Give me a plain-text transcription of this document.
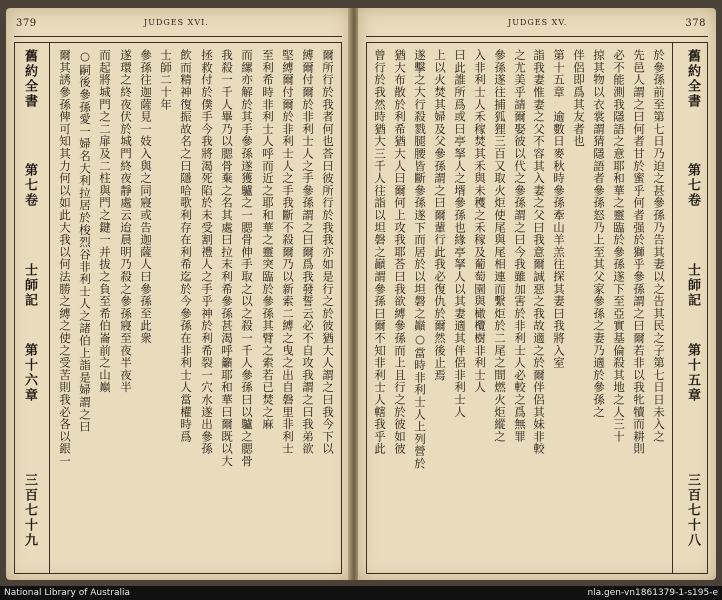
379	JUDGES XVI.
舊約全書
第七卷
士師記
第十六章
三百七十九
爾所行於我者何也荅曰彼所行於我我亦如是行之於彼猶大人謂之曰我今下以
縛爾付爾於非利士人之手參孫謂之曰爾爲我發誓云必不自攻我謂之曰我弟欲
堅縛爾付爾於非利士人之手我斷不殺爾乃以新索二縛之曳之出自磐里非利士
至利希時非利士人呼而近之耶和華之靈突臨於參孫其臂之索若已焚之麻
而縲亦解於其手參孫遂獲驢之一腮骨伸手取之以之殺一千人參孫曰以驢之腮骨
我殺一千人畢乃以腮骨棄之名其處曰拉末利希參孫甚渴呼籲耶和華曰爾既以大
拯救付於僕手今我將渴死陷於未受割禮人之手乎神於利希裂一穴水遂出參孫
飲而精神復振故名之曰隱哈歌利存在利希迄於今參孫在非利士人當權時爲
士師二十年
參孫往迦薩見一妓入與之同寢或告迦薩人曰參孫至此衆
遂環之終夜伏於城門終夜靜處云迨晨明乃殺之參孫寢至夜半夜半
而起將城門之二扉及二柱與門之鍵一并拔之負至希伯崙前之山巔
○嗣後參孫愛一婦名大利拉居於梭烈谷非利士人之諸伯上詣是婦謂之曰
爾其誘參孫俾可知其力何以如此大我以何法勝之縛之使之受苦則我必各以銀一
JUDGES XV.	378
舊約全書
第七卷
士師記
第十五章
三百七十八
於參孫前至第七日乃迫之甚參孫乃告其妻以之告其民之子第七日日未入之
先邑人謂之曰何者甘於蜜乎何者强於獅乎參孫謂之曰爾若非以我牝犢而耕則
必不能測我隱語之意耶和華之靈臨於參孫遂下至亞實基倫殺其地之人三十
掠其物以衣裳謂猜隱語者參孫怒乃上至其父家參孫之妻乃適於參孫之
伴侶即爲其友者也
第十五章　逾數日麥秋時參孫牽山羊羔往探其妻曰我將入室
詣我妻惟妻之父不容其入妻之父曰我意爾誠惡之我故適之於爾伴侶其妹非較
之尤美乎請爾娶彼以代之參孫謂之曰今我雖加害於非利士人必較之爲無罪
參孫遂往捕狐狸三百又取火炬使尾與尾相連而繫炬於二尾之間燃火炬縱之
入非利士人禾稼焚其禾與未穫之禾稼及葡萄園與橄欖樹非利士人
曰此誰所爲或曰亭拏人之壻參孫也緣亭拏人以其妻適其伴侶非利士人
上以火焚其婦及父參孫謂之曰爾輩行此我必復仇於爾然後止焉
遂擊之大行殺戮腿腰皆斷參孫遂下而居於以坦磐之巓○當時非利士人上列營於
猶大布散於利希猶大人曰爾何上攻我耶荅曰我欲縛參孫而上且行之於彼如彼
曾行於我然時猶大三千人往詣以坦磐之巓謂參孫曰爾不知非利士人轄我乎此
National Library of Australia	nla.gen-vn1861379-1-s195-e
